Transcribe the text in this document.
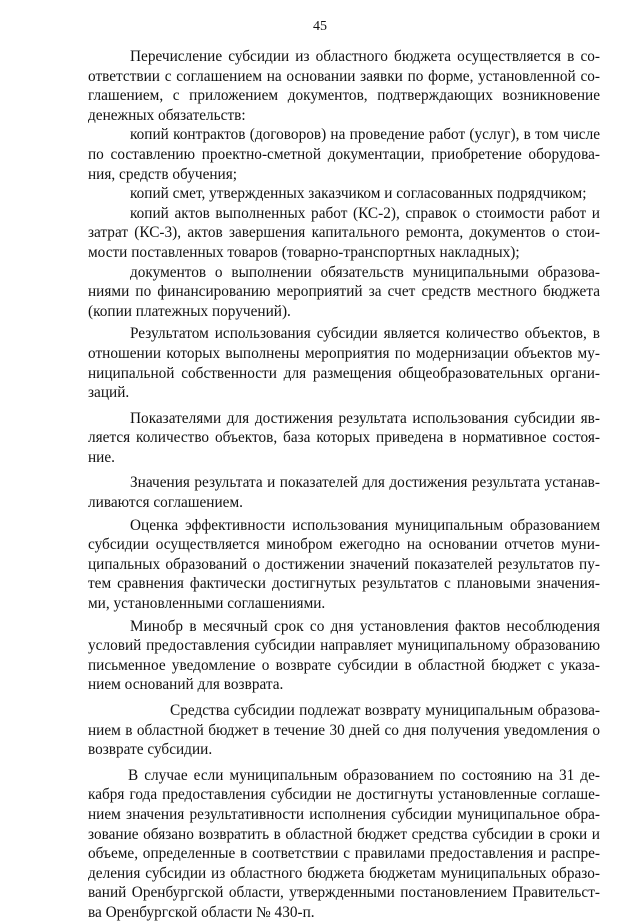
45

Перечисление субсидии из областного бюджета осуществляется в соответствии с соглашением на основании заявки по форме, установленной соглашением, с приложением документов, подтверждающих возникновение денежных обязательств:

копий контрактов (договоров) на проведение работ (услуг), в том числе по составлению проектно-сметной документации, приобретение оборудования, средств обучения;

копий смет, утвержденных заказчиком и согласованных подрядчиком;

копий актов выполненных работ (КС-2), справок о стоимости работ и затрат (КС-3), актов завершения капитального ремонта, документов о стоимости поставленных товаров (товарно-транспортных накладных);

документов о выполнении обязательств муниципальными образованиями по финансированию мероприятий за счет средств местного бюджета (копии платежных поручений).

Результатом использования субсидии является количество объектов, в отношении которых выполнены мероприятия по модернизации объектов муниципальной собственности для размещения общеобразовательных организаций.

Показателями для достижения результата использования субсидии является количество объектов, база которых приведена в нормативное состояние.

Значения результата и показателей для достижения результата устанавливаются соглашением.

Оценка эффективности использования муниципальным образованием субсидии осуществляется минобром ежегодно на основании отчетов муниципальных образований о достижении значений показателей результатов путем сравнения фактически достигнутых результатов с плановыми значениями, установленными соглашениями.

Минобр в месячный срок со дня установления фактов несоблюдения условий предоставления субсидии направляет муниципальному образованию письменное уведомление о возврате субсидии в областной бюджет с указанием оснований для возврата.

Средства субсидии подлежат возврату муниципальным образованием в областной бюджет в течение 30 дней со дня получения уведомления о возврате субсидии.

В случае если муниципальным образованием по состоянию на 31 декабря года предоставления субсидии не достигнуты установленные соглашением значения результативности исполнения субсидии муниципальное образование обязано возвратить в областной бюджет средства субсидии в сроки и объеме, определенные в соответствии с правилами предоставления и распределения субсидии из областного бюджета бюджетам муниципальных образований Оренбургской области, утвержденными постановлением Правительства Оренбургской области № 430-п.
